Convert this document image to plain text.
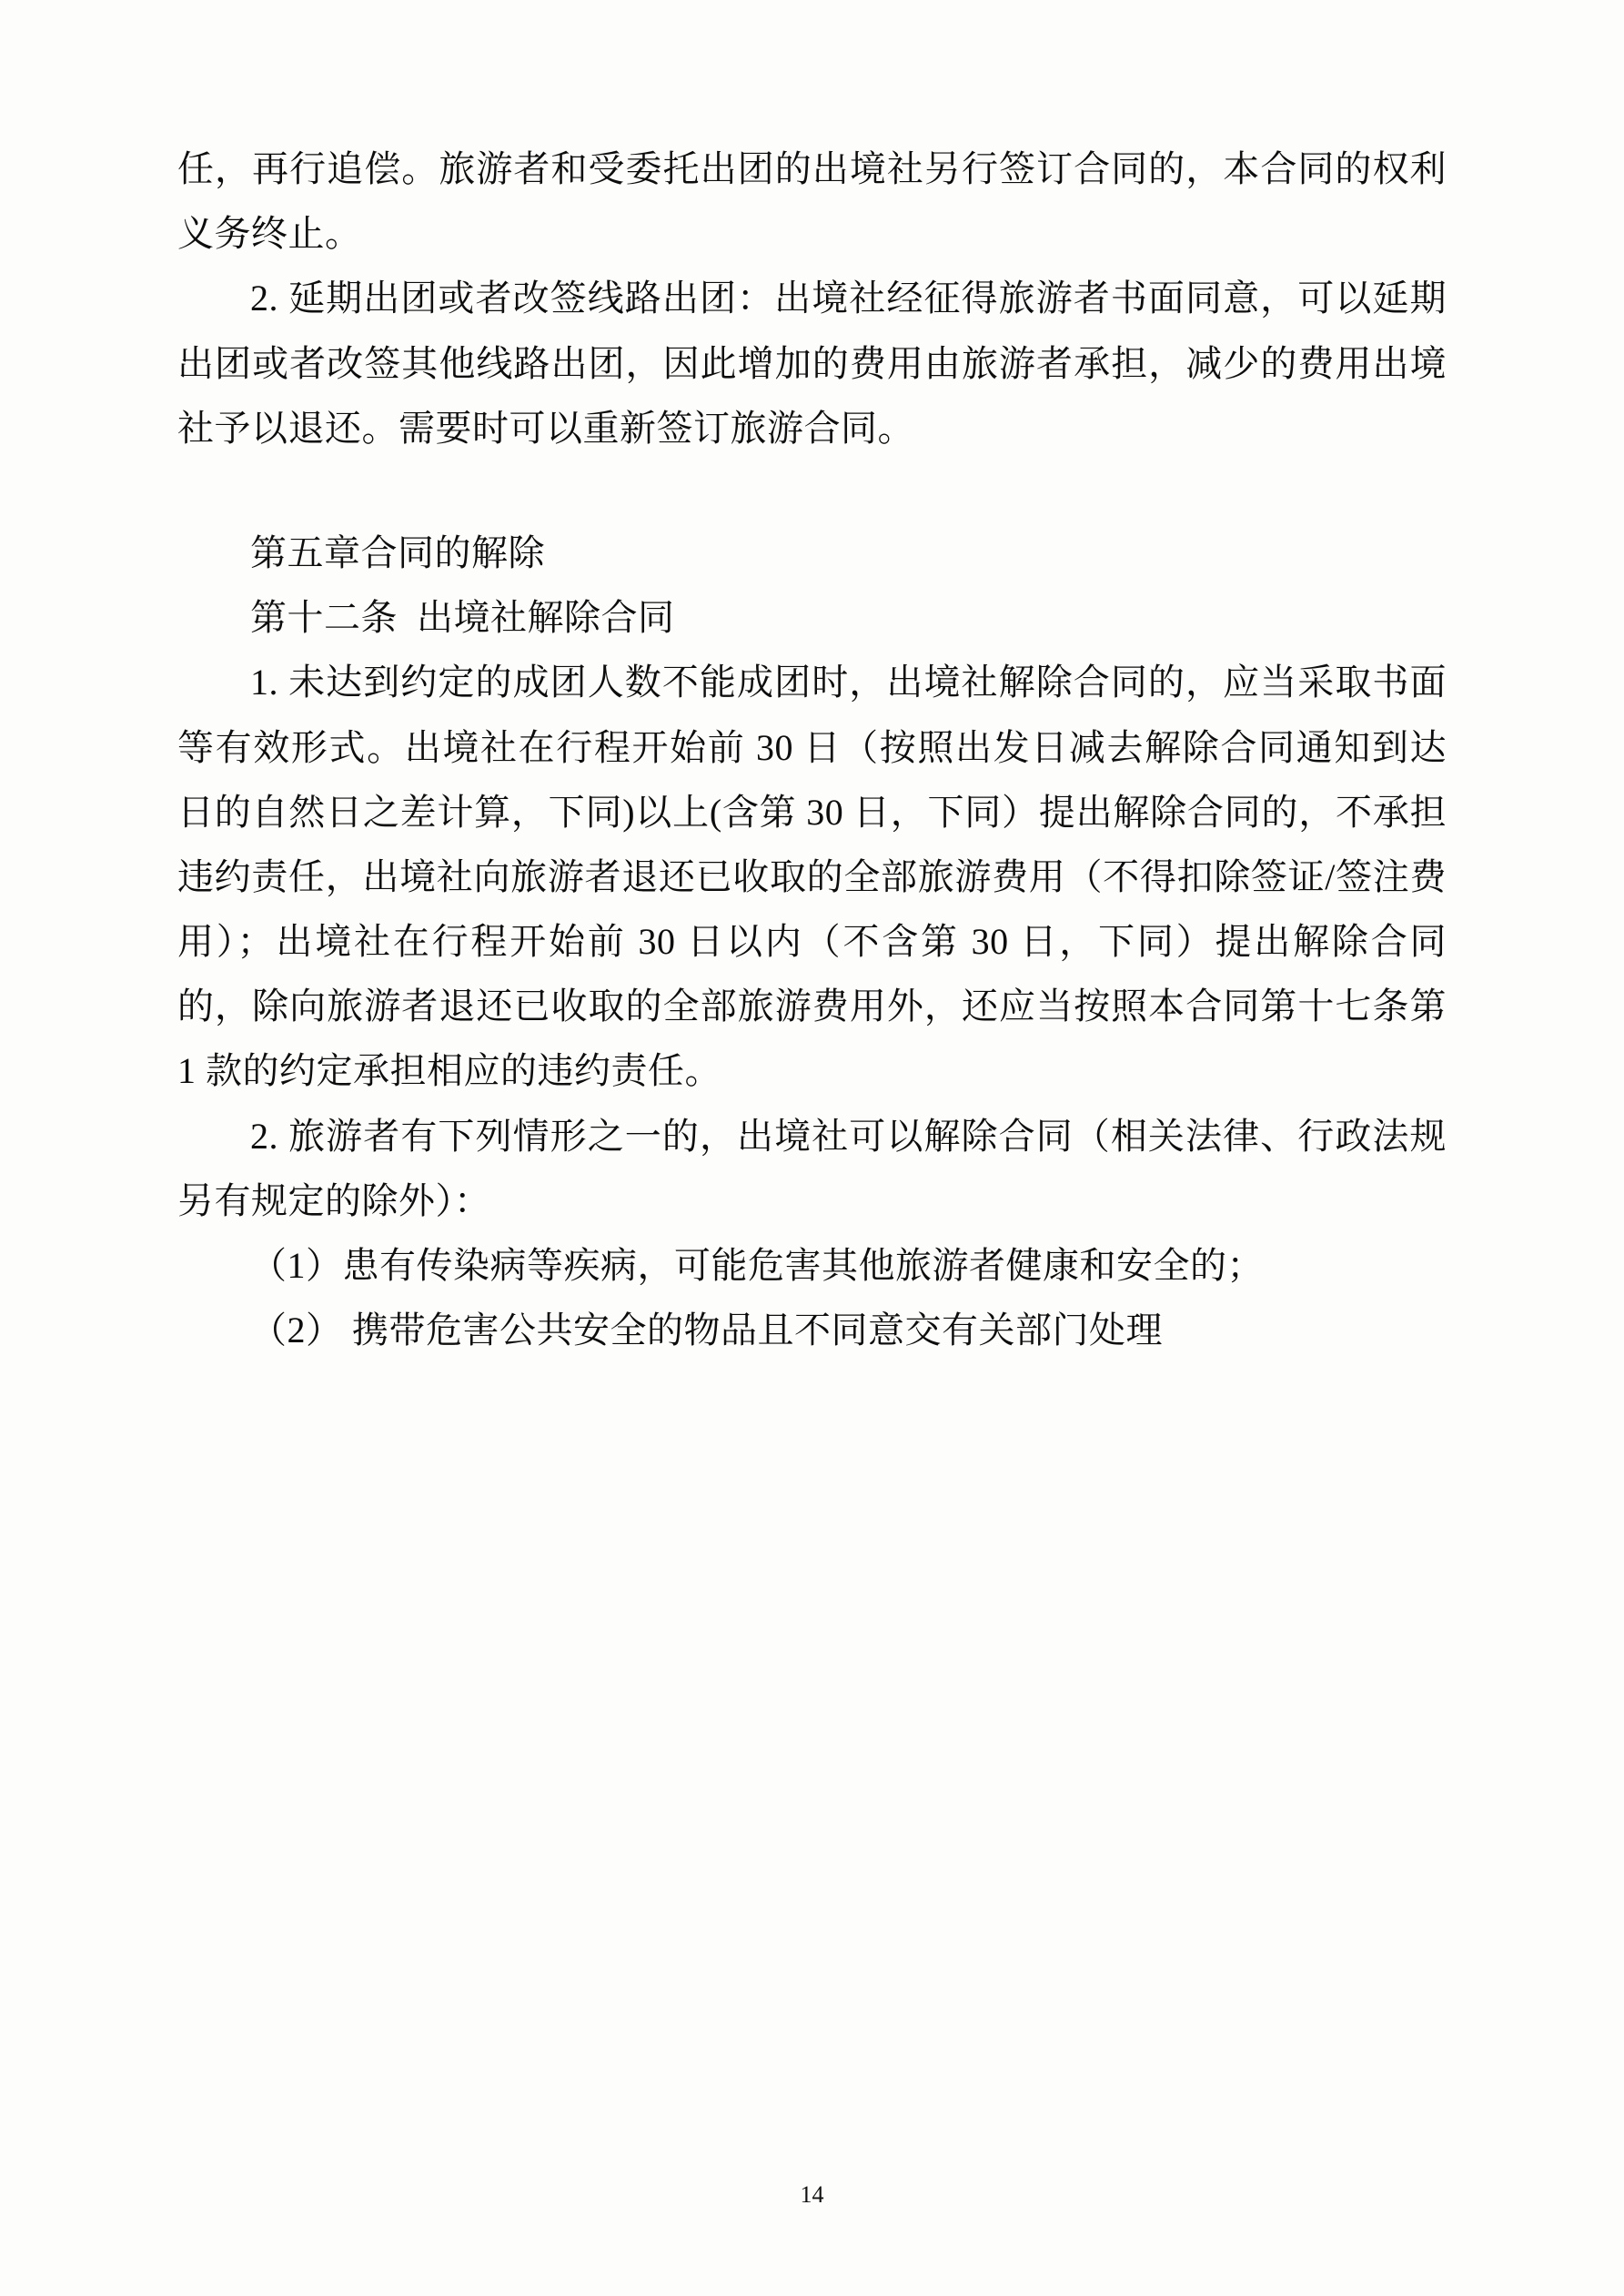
任，再行追偿。旅游者和受委托出团的出境社另行签订合同的，本合同的权利义务终止。

2. 延期出团或者改签线路出团：出境社经征得旅游者书面同意，可以延期出团或者改签其他线路出团，因此增加的费用由旅游者承担，减少的费用出境社予以退还。需要时可以重新签订旅游合同。

第五章合同的解除

第十二条  出境社解除合同

1. 未达到约定的成团人数不能成团时，出境社解除合同的，应当采取书面等有效形式。出境社在行程开始前 30 日（按照出发日减去解除合同通知到达日的自然日之差计算，下同)以上(含第 30 日，下同）提出解除合同的，不承担违约责任，出境社向旅游者退还已收取的全部旅游费用（不得扣除签证/签注费用）；出境社在行程开始前 30 日以内（不含第 30 日，下同）提出解除合同的，除向旅游者退还已收取的全部旅游费用外，还应当按照本合同第十七条第 1 款的约定承担相应的违约责任。

2. 旅游者有下列情形之一的，出境社可以解除合同（相关法律、行政法规另有规定的除外）：

（1）患有传染病等疾病，可能危害其他旅游者健康和安全的；

（2） 携带危害公共安全的物品且不同意交有关部门处理

14
